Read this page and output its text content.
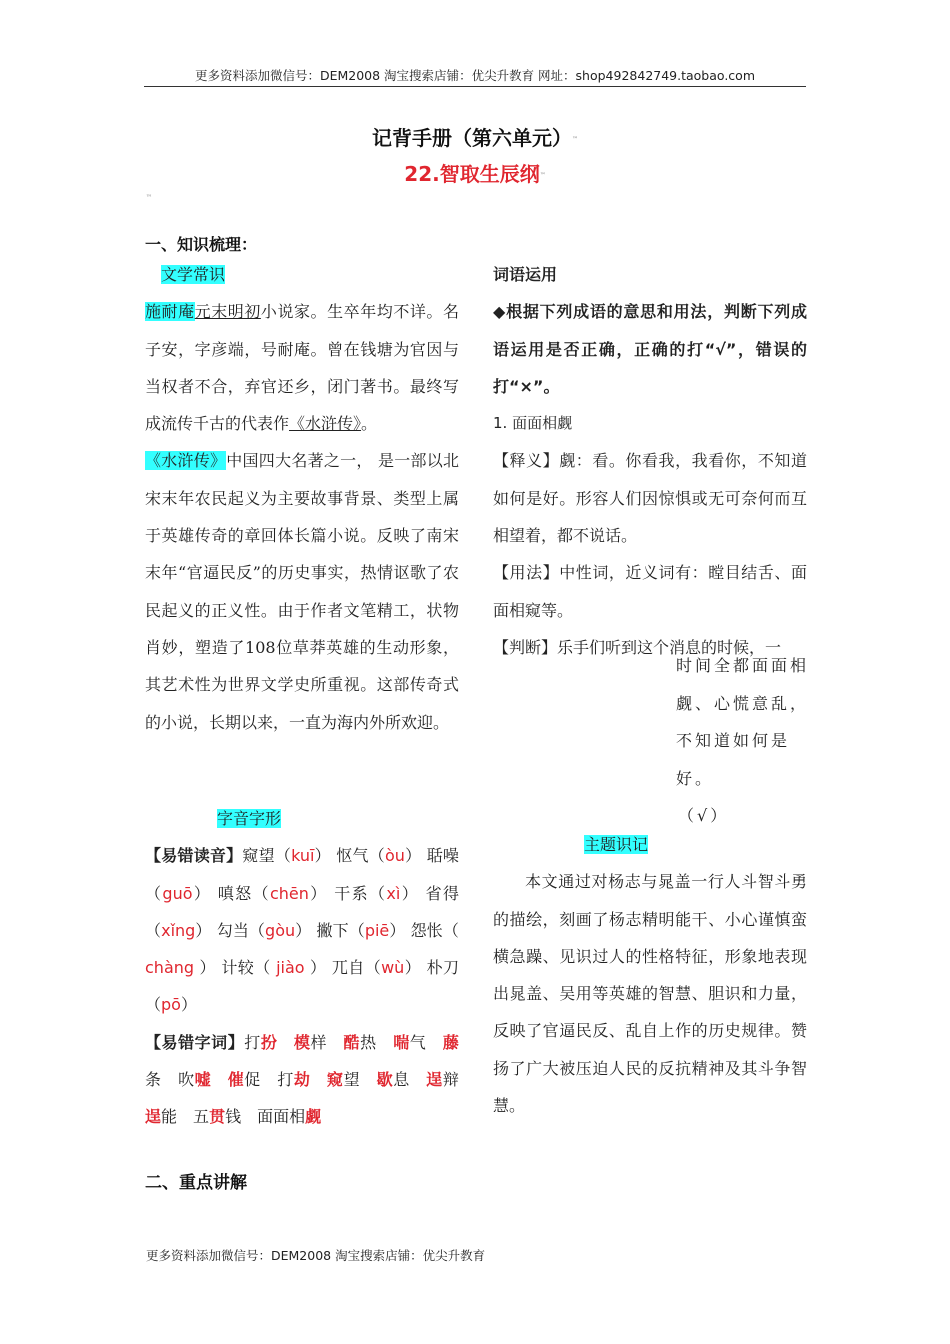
更多资料添加微信号：DEM2008 淘宝搜索店铺：优尖升教育 网址：shop492842749.taobao.com
记背手册（第六单元）™
22.智取生辰纲™
™
一、知识梳理：

文学常识

施耐庵元末明初小说家。生卒年均不详。名子安，字彦端，号耐庵。曾在钱塘为官因与当权者不合，弃官还乡，闭门著书。最终写成流传千古的代表作《水浒传》。

《水浒传》中国四大名著之一， 是一部以北宋末年农民起义为主要故事背景、类型上属于英雄传奇的章回体长篇小说。反映了南宋末年“官逼民反”的历史事实，热情讴歌了农民起义的正义性。由于作者文笔精工，状物肖妙，塑造了108位草莽英雄的生动形象，其艺术性为世界文学史所重视。这部传奇式的小说，长期以来，一直为海内外所欢迎。

字音字形

【易错读音】窥望（kuī） 怄气（òu） 聒噪（guō） 嗔怒（chēn） 干系（xì） 省得（xǐng） 勾当（gòu） 撇下（piē） 怨怅（ chàng ） 计较（ jiào ） 兀自（wù） 朴刀（pō）

【易错字词】打扮　 模样　 酷热　 喘气　 藤条　 吹嘘　 催促　 打劫　 窥望　 歇息　 逞辩　逞能　 五贯钱　 面面相觑　

词语运用

◆根据下列成语的意思和用法，判断下列成语运用是否正确，正确的打“√”，错误的打“×”。

1. 面面相觑

【释义】觑：看。你看我，我看你，不知道如何是好。形容人们因惊惧或无可奈何而互相望着，都不说话。

【用法】中性词，近义词有：瞠目结舌、面面相窥等。

【判断】乐手们听到这个消息的时候，一

时间全都面面相
觑、心慌意乱，
不知道如何是好。
（√）

主题识记

本文通过对杨志与晁盖一行人斗智斗勇的描绘，刻画了杨志精明能干、小心谨慎蛮横急躁、见识过人的性格特征，形象地表现出晁盖、吴用等英雄的智慧、胆识和力量，反映了官逼民反、乱自上作的历史规律。赞扬了广大被压迫人民的反抗精神及其斗争智慧。

二、重点讲解
更多资料添加微信号：DEM2008 淘宝搜索店铺：优尖升教育
